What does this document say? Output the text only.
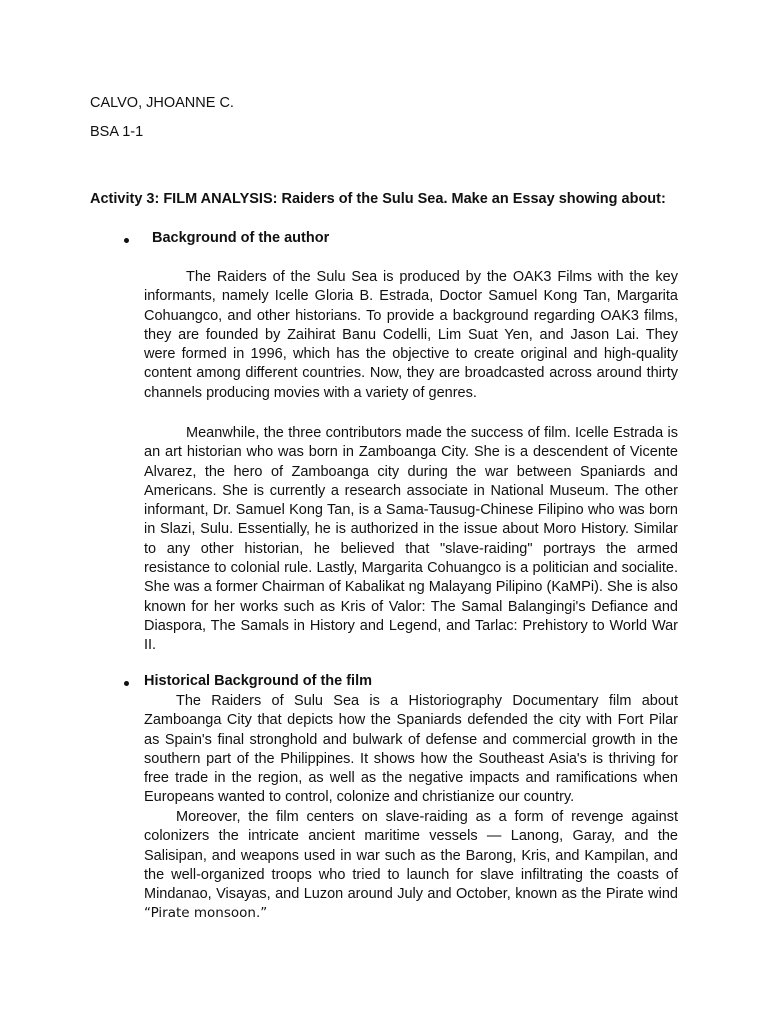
CALVO, JHOANNE C.
BSA 1-1
Activity 3: FILM ANALYSIS: Raiders of the Sulu Sea. Make an Essay showing about:
Background of the author

The Raiders of the Sulu Sea is produced by the OAK3 Films with the key informants, namely Icelle Gloria B. Estrada, Doctor Samuel Kong Tan, Margarita Cohuangco, and other historians. To provide a background regarding OAK3 films, they are founded by Zaihirat Banu Codelli, Lim Suat Yen, and Jason Lai. They were formed in 1996, which has the objective to create original and high-quality content among different countries. Now, they are broadcasted across around thirty channels producing movies with a variety of genres.

Meanwhile, the three contributors made the success of film. Icelle Estrada is an art historian who was born in Zamboanga City. She is a descendent of Vicente Alvarez, the hero of Zamboanga city during the war between Spaniards and Americans. She is currently a research associate in National Museum. The other informant, Dr. Samuel Kong Tan, is a Sama-Tausug-Chinese Filipino who was born in Slazi, Sulu. Essentially, he is authorized in the issue about Moro History. Similar to any other historian, he believed that "slave-raiding" portrays the armed resistance to colonial rule. Lastly, Margarita Cohuangco is a politician and socialite. She was a former Chairman of Kabalikat ng Malayang Pilipino (KaMPi). She is also known for her works such as Kris of Valor: The Samal Balangingi's Defiance and Diaspora, The Samals in History and Legend, and Tarlac: Prehistory to World War II.

Historical Background of the film

The Raiders of Sulu Sea is a Historiography Documentary film about Zamboanga City that depicts how the Spaniards defended the city with Fort Pilar as Spain's final stronghold and bulwark of defense and commercial growth in the southern part of the Philippines. It shows how the Southeast Asia's is thriving for free trade in the region, as well as the negative impacts and ramifications when Europeans wanted to control, colonize and christianize our country.

Moreover, the film centers on slave-raiding as a form of revenge against colonizers the intricate ancient maritime vessels — Lanong, Garay, and the Salisipan, and weapons used in war such as the Barong, Kris, and Kampilan, and the well-organized troops who tried to launch for slave infiltrating the coasts of Mindanao, Visayas, and Luzon around July and October, known as the Pirate wind “Pirate monsoon.”
